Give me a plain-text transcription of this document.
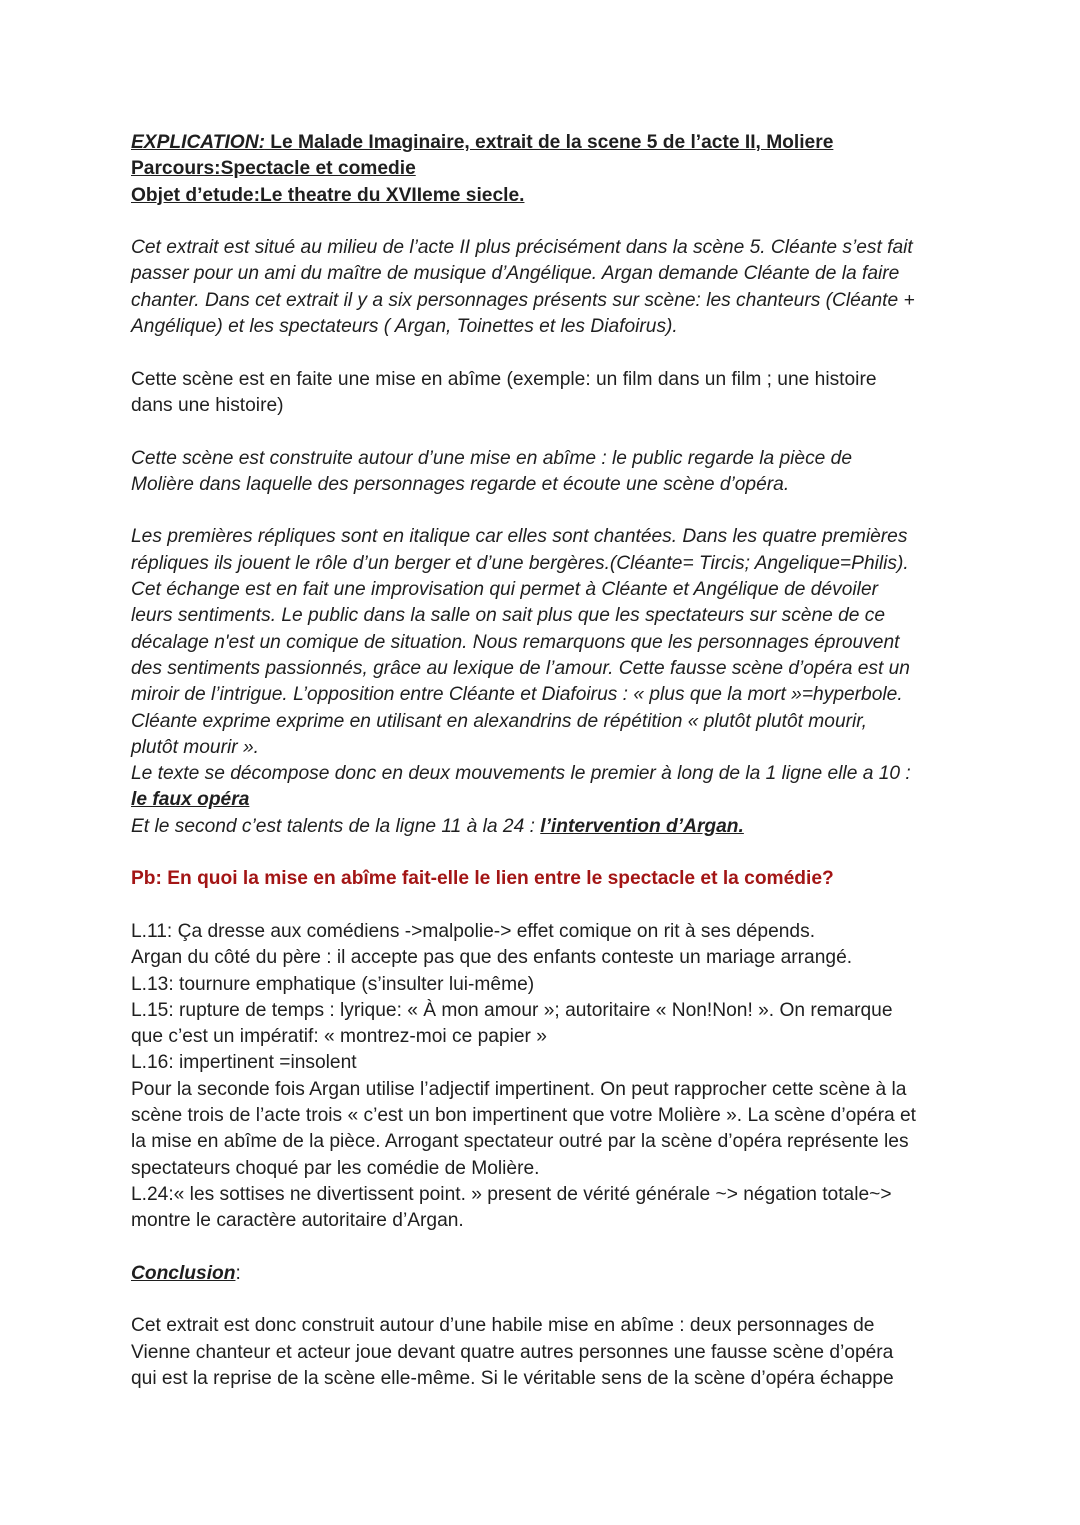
EXPLICATION: Le Malade Imaginaire, extrait de la scene 5 de l’acte II, Moliere
Parcours:Spectacle et comedie
Objet d’etude:Le theatre du XVIIeme siecle.
Cet extrait est situé au milieu de l’acte II plus précisément dans la scène 5. Cléante s’est fait
passer pour un ami du maître de musique d’Angélique. Argan demande Cléante de la faire
chanter. Dans cet extrait il y a six personnages présents sur scène: les chanteurs (Cléante +
Angélique) et les spectateurs ( Argan, Toinettes et les Diafoirus).
Cette scène est en faite une mise en abîme (exemple: un film dans un film ; une histoire
dans une histoire)
Cette scène est construite autour d’une mise en abîme : le public regarde la pièce de
Molière dans laquelle des personnages regarde et écoute une scène d’opéra.
Les premières répliques sont en italique car elles sont chantées. Dans les quatre premières
répliques ils jouent le rôle d’un berger et d’une bergères.(Cléante= Tircis; Angelique=Philis).
Cet échange est en fait une improvisation qui permet à Cléante et Angélique de dévoiler
leurs sentiments. Le public dans la salle on sait plus que les spectateurs sur scène de ce
décalage n'est un comique de situation. Nous remarquons que les personnages éprouvent
des sentiments passionnés, grâce au lexique de l’amour. Cette fausse scène d’opéra est un
miroir de l’intrigue. L’opposition entre Cléante et Diafoirus : « plus que la mort »=hyperbole.
Cléante exprime exprime en utilisant en alexandrins de répétition « plutôt plutôt mourir,
plutôt mourir ».
Le texte se décompose donc en deux mouvements le premier à long de la 1 ligne elle a 10 :
le faux opéra
Et le second c’est talents de la ligne 11 à la 24 : l’intervention d’Argan.
Pb: En quoi la mise en abîme fait-elle le lien entre le spectacle et la comédie?
L.11: Ça dresse aux comédiens ->malpolie-> effet comique on rit à ses dépends.
Argan du côté du père : il accepte pas que des enfants conteste un mariage arrangé.
L.13: tournure emphatique (s’insulter lui-même)
L.15: rupture de temps : lyrique: « À mon amour »; autoritaire « Non!Non! ». On remarque
que c’est un impératif: « montrez-moi ce papier »
L.16: impertinent =insolent
Pour la seconde fois Argan utilise l’adjectif impertinent. On peut rapprocher cette scène à la
scène trois de l’acte trois « c’est un bon impertinent que votre Molière ». La scène d’opéra et
la mise en abîme de la pièce. Arrogant spectateur outré par la scène d’opéra représente les
spectateurs choqué par les comédie de Molière.
L.24:« les sottises ne divertissent point. » present de vérité générale ~> négation totale~>
montre le caractère autoritaire d’Argan.
Conclusion:
Cet extrait est donc construit autour d’une habile mise en abîme : deux personnages de
Vienne chanteur et acteur joue devant quatre autres personnes une fausse scène d’opéra
qui est la reprise de la scène elle-même. Si le véritable sens de la scène d’opéra échappe
